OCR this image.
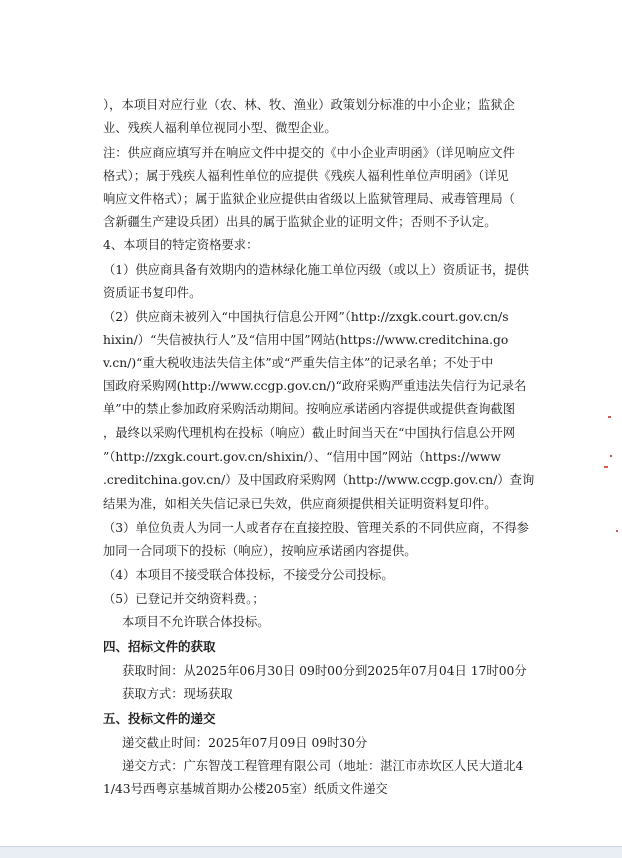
），本项目对应行业（农、林、牧、渔业）政策划分标准的中小企业；监狱企
业、残疾人福利单位视同小型、微型企业。
注：供应商应填写并在响应文件中提交的《中小企业声明函》（详见响应文件
格式）；属于残疾人福利性单位的应提供《残疾人福利性单位声明函》（详见
响应文件格式）；属于监狱企业应提供由省级以上监狱管理局、戒毒管理局（
含新疆生产建设兵团）出具的属于监狱企业的证明文件；否则不予认定。
4、本项目的特定资格要求：
（1）供应商具备有效期内的造林绿化施工单位丙级（或以上）资质证书，提供
资质证书复印件。
（2）供应商未被列入“中国执行信息公开网”（http://zxgk.court.gov.cn/s
hixin/）“失信被执行人”及“信用中国”网站(https://www.creditchina.go
v.cn/)“重大税收违法失信主体”或“严重失信主体”的记录名单；不处于中
国政府采购网(http://www.ccgp.gov.cn/)“政府采购严重违法失信行为记录名
单”中的禁止参加政府采购活动期间。按响应承诺函内容提供或提供查询截图
，最终以采购代理机构在投标（响应）截止时间当天在“中国执行信息公开网
”（http://zxgk.court.gov.cn/shixin/）、“信用中国”网站（https://www
.creditchina.gov.cn/）及中国政府采购网（http://www.ccgp.gov.cn/）查询
结果为准，如相关失信记录已失效，供应商须提供相关证明资料复印件。
（3）单位负责人为同一人或者存在直接控股、管理关系的不同供应商，不得参
加同一合同项下的投标（响应），按响应承诺函内容提供。
（4）本项目不接受联合体投标，不接受分公司投标。
（5）已登记并交纳资料费。；
本项目不允许联合体投标。
四、招标文件的获取
获取时间：从2025年06月30日 09时00分到2025年07月04日 17时00分
获取方式：现场获取
五、投标文件的递交
递交截止时间：2025年07月09日 09时30分
递交方式：广东智茂工程管理有限公司（地址：湛江市赤坎区人民大道北4
1/43号西粤京基城首期办公楼205室）纸质文件递交
